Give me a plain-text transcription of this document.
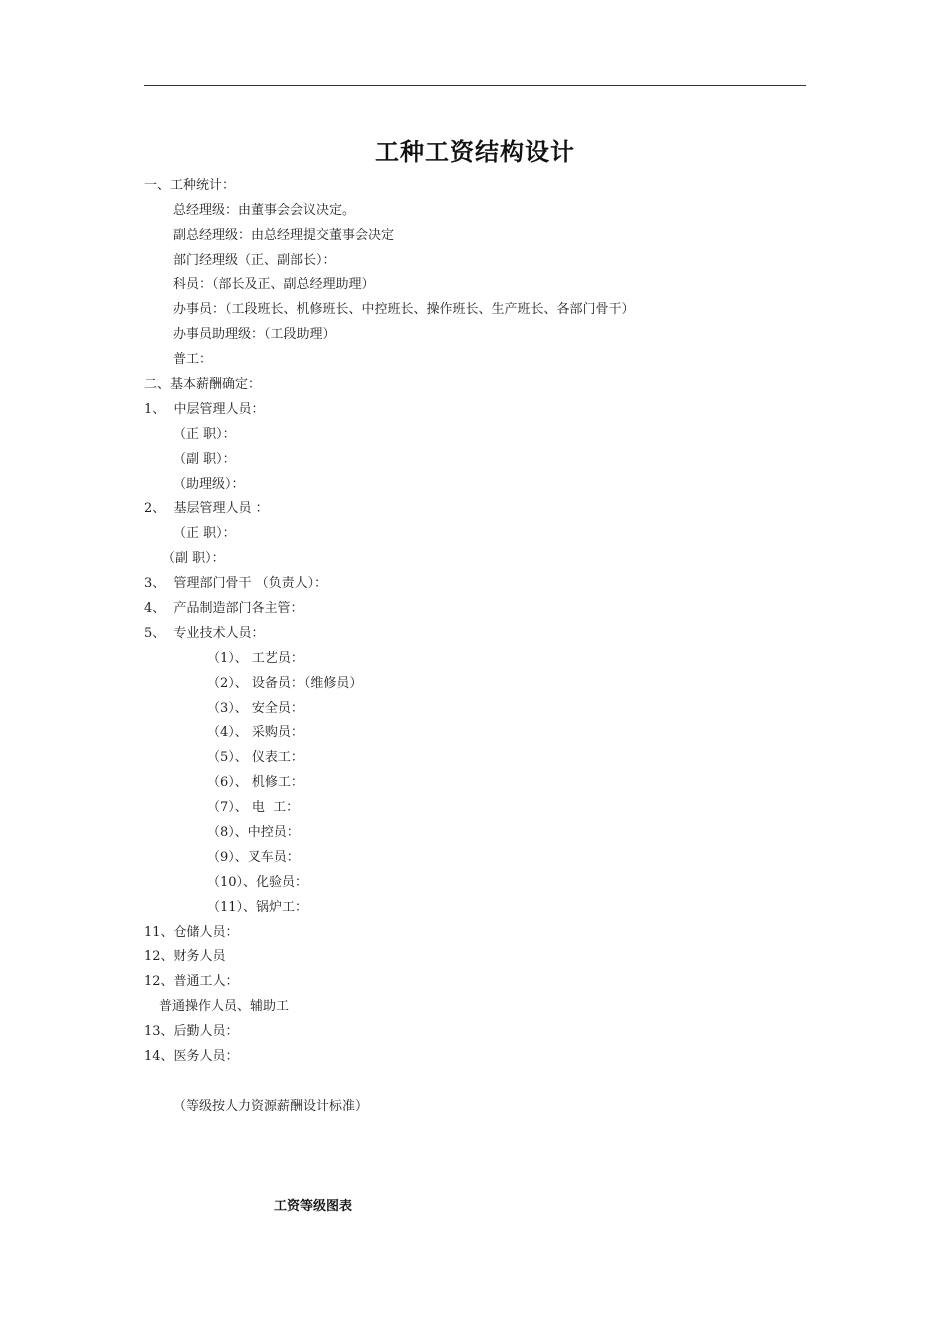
工种工资结构设计
一、工种统计：
总经理级：由董事会会议决定。
副总经理级：由总经理提交董事会决定
部门经理级（正、副部长）：
科员：（部长及正、副总经理助理）
办事员：（工段班长、机修班长、中控班长、操作班长、生产班长、各部门骨干）
办事员助理级：（工段助理）
普工：
二、基本薪酬确定：
1、  中层管理人员：
（正 职）：
（副 职）：
（助理级）：
2、  基层管理人员 ：
（正 职）：
（副 职）：
3、  管理部门骨干 （负责人）：
4、  产品制造部门各主管：
5、  专业技术人员：
（1）、 工艺员：
（2）、 设备员：（维修员）
（3）、 安全员：
（4）、 采购员：
（5）、 仪表工：
（6）、 机修工：
（7）、 电  工：
（8）、中控员：
（9）、叉车员：
（10）、化验员：
（11）、锅炉工：
11、仓储人员：
12、财务人员
12、普通工人：
普通操作人员、辅助工
13、后勤人员：
14、医务人员：
（等级按人力资源薪酬设计标准）
工资等级图表
